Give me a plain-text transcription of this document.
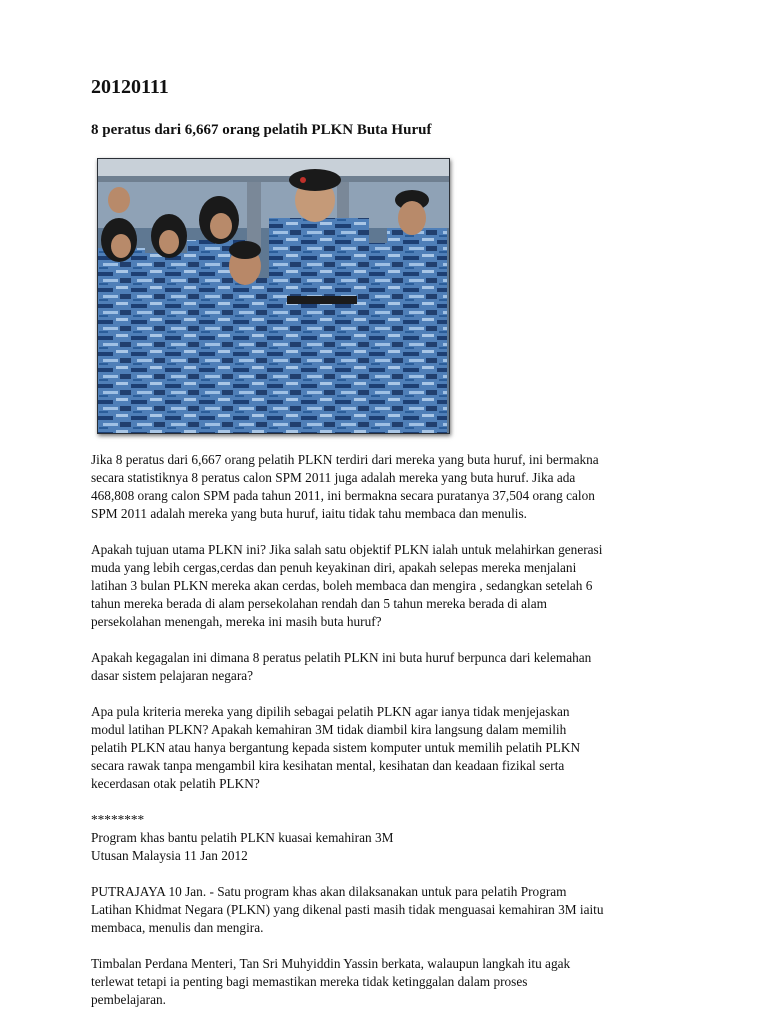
20120111
8 peratus dari 6,667 orang pelatih PLKN Buta Huruf

Jika 8 peratus dari 6,667 orang pelatih PLKN terdiri dari mereka yang buta huruf, ini bermakna
secara statistiknya 8 peratus calon SPM 2011 juga adalah mereka yang buta huruf. Jika ada
468,808 orang calon SPM pada tahun 2011, ini bermakna secara puratanya 37,504 orang calon
SPM 2011 adalah mereka yang buta huruf, iaitu tidak tahu membaca dan menulis.

Apakah tujuan utama PLKN ini? Jika salah satu objektif PLKN ialah untuk melahirkan generasi
muda yang lebih cergas,cerdas dan penuh keyakinan diri, apakah selepas mereka menjalani
latihan 3 bulan PLKN mereka akan cerdas, boleh membaca dan mengira , sedangkan setelah 6
tahun mereka berada di alam persekolahan rendah dan 5 tahun mereka berada di alam
persekolahan menengah, mereka ini masih buta huruf?

Apakah kegagalan ini dimana 8 peratus pelatih PLKN ini buta huruf berpunca dari kelemahan
dasar sistem pelajaran negara?

Apa pula kriteria mereka yang dipilih sebagai pelatih PLKN agar ianya tidak menjejaskan
modul latihan PLKN? Apakah kemahiran 3M tidak diambil kira langsung dalam memilih
pelatih PLKN atau hanya bergantung kepada sistem komputer untuk memilih pelatih PLKN
secara rawak tanpa mengambil kira kesihatan mental, kesihatan dan keadaan fizikal serta
kecerdasan otak pelatih PLKN?

********

Program khas bantu pelatih PLKN kuasai kemahiran 3M

Utusan Malaysia 11 Jan 2012

PUTRAJAYA 10 Jan. - Satu program khas akan dilaksanakan untuk para pelatih Program
Latihan Khidmat Negara (PLKN) yang dikenal pasti masih tidak menguasai kemahiran 3M iaitu
membaca, menulis dan mengira.

Timbalan Perdana Menteri, Tan Sri Muhyiddin Yassin berkata, walaupun langkah itu agak
terlewat tetapi ia penting bagi memastikan mereka tidak ketinggalan dalam proses
pembelajaran.
